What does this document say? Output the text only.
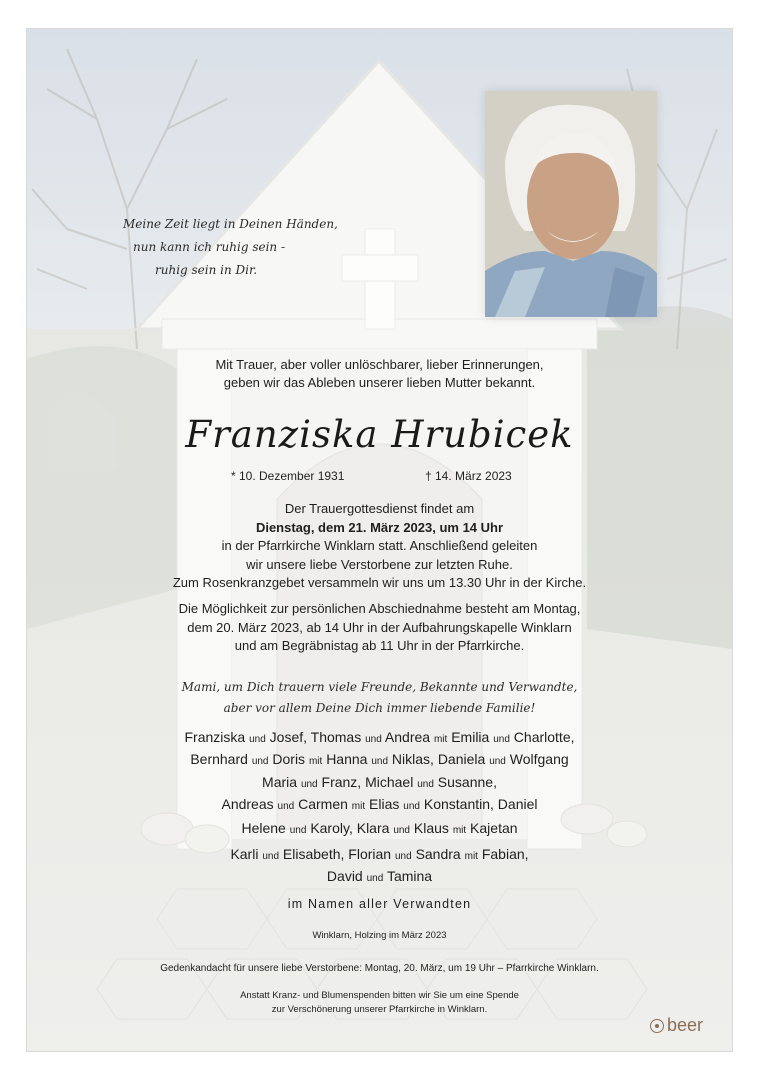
Meine Zeit liegt in Deinen Händen,
nun kann ich ruhig sein -
ruhig sein in Dir.
Mit Trauer, aber voller unlöschbarer, lieber Erinnerungen,
geben wir das Ableben unserer lieben Mutter bekannt.
Franziska Hrubicek
* 10. Dezember 1931	† 14. März 2023
Der Trauergottesdienst findet am
Dienstag, dem 21. März 2023, um 14 Uhr
in der Pfarrkirche Winklarn statt. Anschließend geleiten
wir unsere liebe Verstorbene zur letzten Ruhe.
Zum Rosenkranzgebet versammeln wir uns um 13.30 Uhr in der Kirche.
Die Möglichkeit zur persönlichen Abschiednahme besteht am Montag,
dem 20. März 2023, ab 14 Uhr in der Aufbahrungskapelle Winklarn
und am Begräbnistag ab 11 Uhr in der Pfarrkirche.
Mami, um Dich trauern viele Freunde, Bekannte und Verwandte,
aber vor allem Deine Dich immer liebende Familie!
Franziska und Josef, Thomas und Andrea mit Emilia und Charlotte,
Bernhard und Doris mit Hanna und Niklas, Daniela und Wolfgang
Maria und Franz, Michael und Susanne,
Andreas und Carmen mit Elias und Konstantin, Daniel
Helene und Karoly, Klara und Klaus mit Kajetan
Karli und Elisabeth, Florian und Sandra mit Fabian,
David und Tamina
im Namen aller Verwandten
Winklarn, Holzing im März 2023
Gedenkandacht für unsere liebe Verstorbene: Montag, 20. März, um 19 Uhr – Pfarrkirche Winklarn.
Anstatt Kranz- und Blumenspenden bitten wir Sie um eine Spende
zur Verschönerung unserer Pfarrkirche in Winklarn.
beer
